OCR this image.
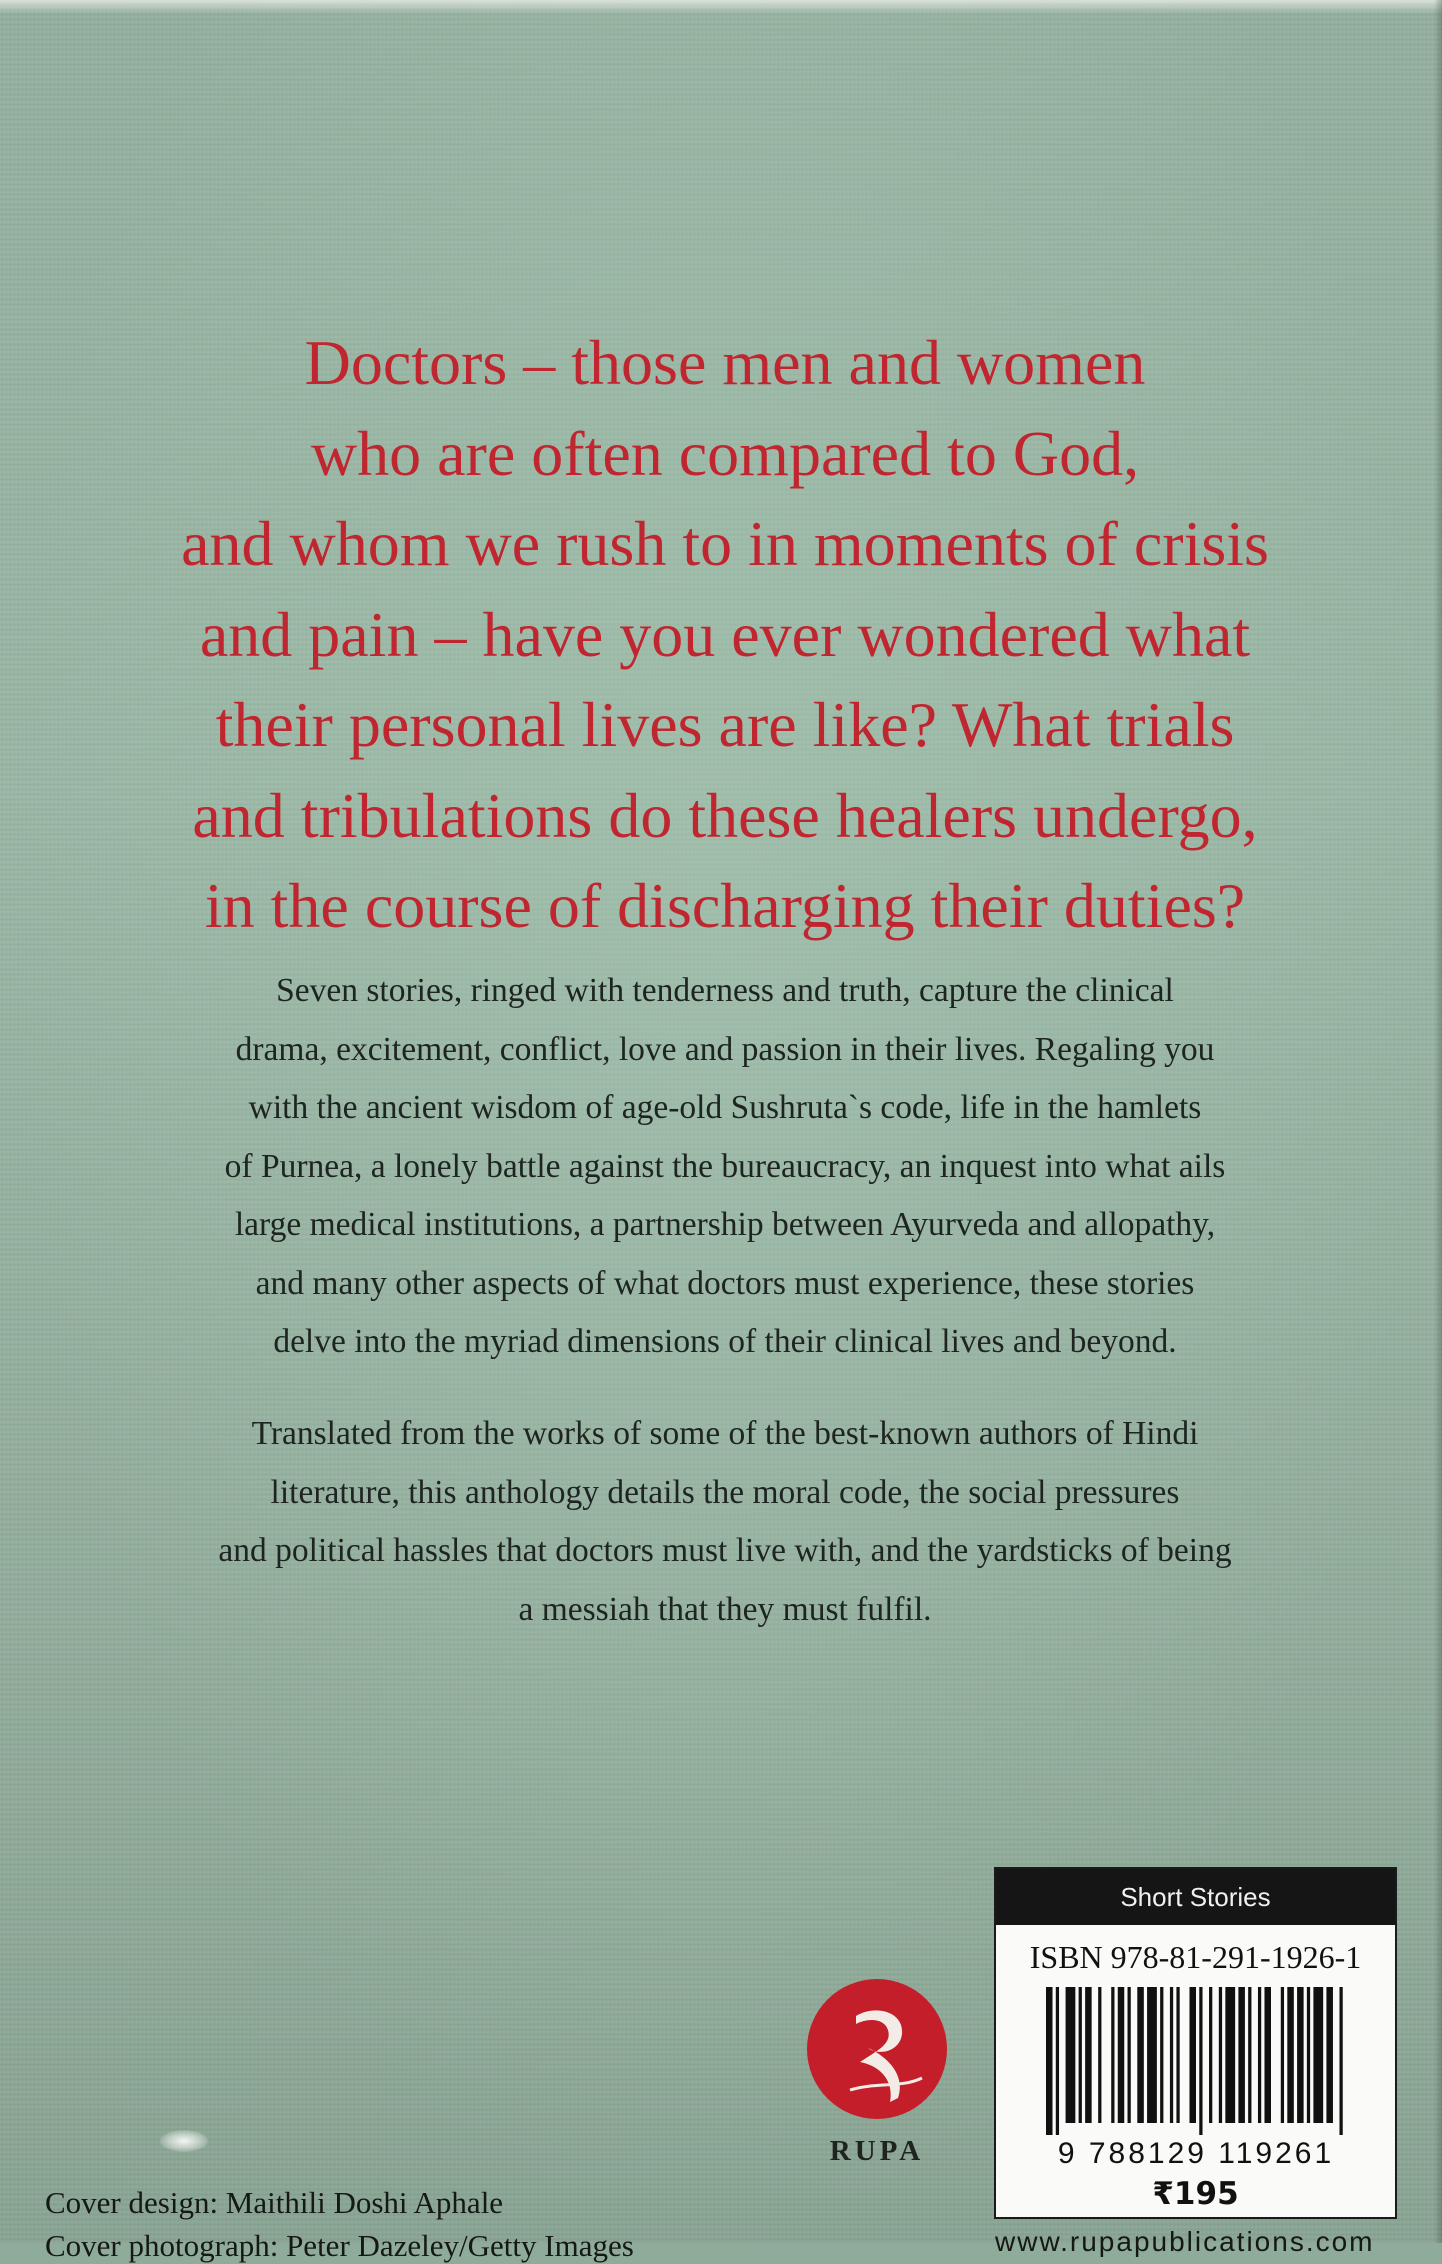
Doctors – those men and women
who are often compared to God,
and whom we rush to in moments of crisis
and pain – have you ever wondered what
their personal lives are like? What trials
and tribulations do these healers undergo,
in the course of discharging their duties?
Seven stories, ringed with tenderness and truth, capture the clinical
drama, excitement, conflict, love and passion in their lives. Regaling you
with the ancient wisdom of age-old Sushruta`s code, life in the hamlets
of Purnea, a lonely battle against the bureaucracy, an inquest into what ails
large medical institutions, a partnership between Ayurveda and allopathy,
and many other aspects of what doctors must experience, these stories
delve into the myriad dimensions of their clinical lives and beyond.
Translated from the works of some of the best-known authors of Hindi
literature, this anthology details the moral code, the social pressures
and political hassles that doctors must live with, and the yardsticks of being
a messiah that they must fulfil.
RUPA
Short Stories
ISBN 978-81-291-1926-1
9 788129 119261
₹195
Cover design: Maithili Doshi Aphale
Cover photograph: Peter Dazeley/Getty Images	www.rupapublications.com
